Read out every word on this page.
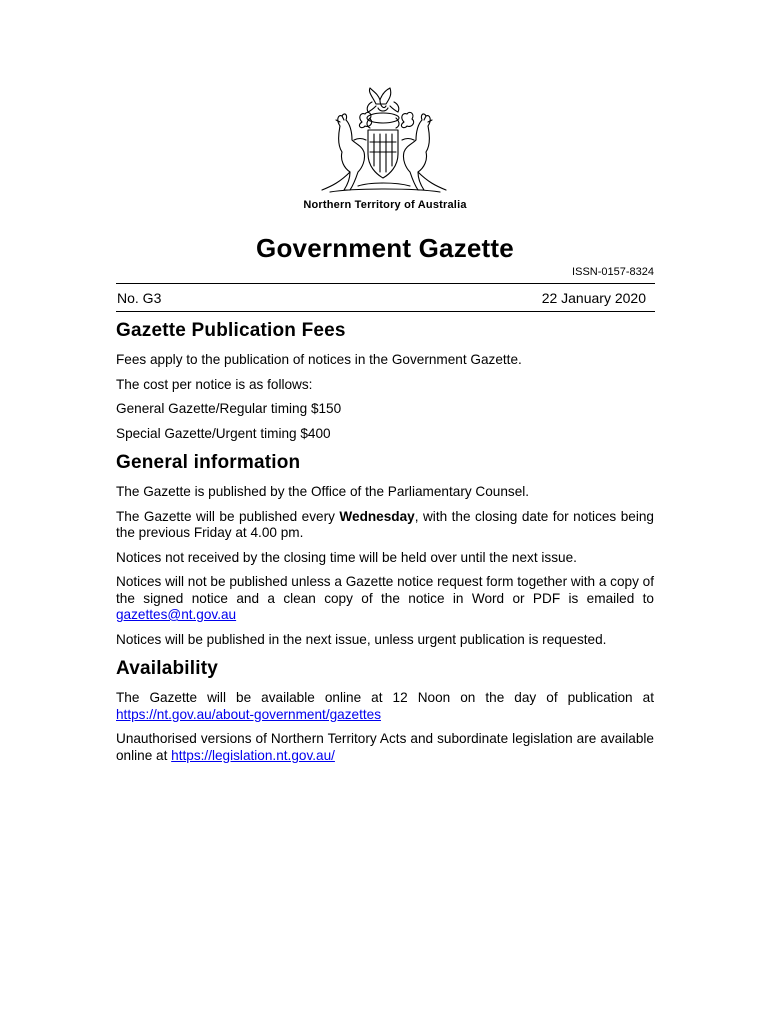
Northern Territory of Australia
Government Gazette
ISSN-0157-8324
No. G3	22 January 2020
Gazette Publication Fees

Fees apply to the publication of notices in the Government Gazette.

The cost per notice is as follows:

General Gazette/Regular timing $150

Special Gazette/Urgent timing $400

General information

The Gazette is published by the Office of the Parliamentary Counsel.

The Gazette will be published every Wednesday, with the closing date for notices being the previous Friday at 4.00 pm.

Notices not received by the closing time will be held over until the next issue.

Notices will not be published unless a Gazette notice request form together with a copy of the signed notice and a clean copy of the notice in Word or PDF is emailed to gazettes@nt.gov.au

Notices will be published in the next issue, unless urgent publication is requested.

Availability

The Gazette will be available online at 12 Noon on the day of publication at https://nt.gov.au/about-government/gazettes

Unauthorised versions of Northern Territory Acts and subordinate legislation are available online at https://legislation.nt.gov.au/
